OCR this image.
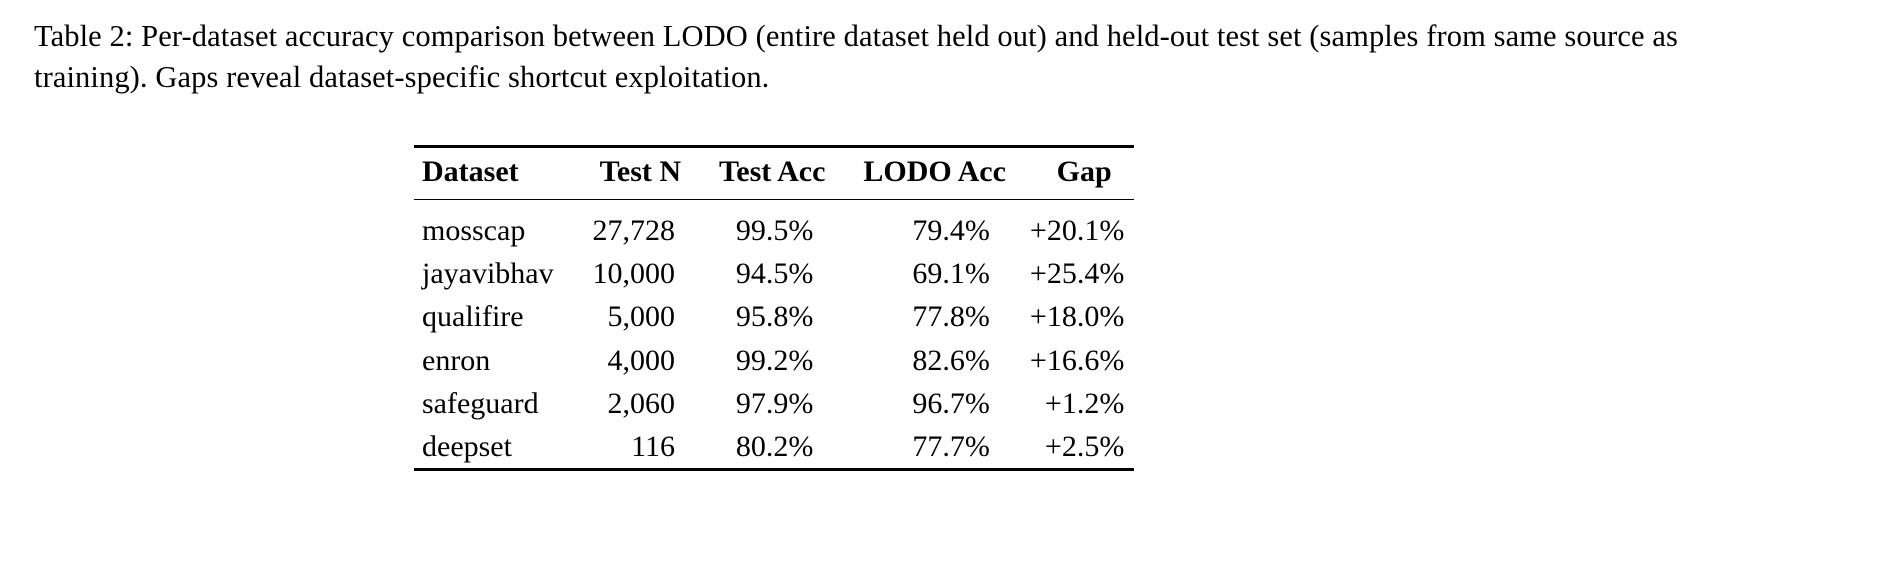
Table 2: Per-dataset accuracy comparison between LODO (entire dataset held out) and held-out test set (samples from same source as training). Gaps reveal dataset-specific shortcut exploitation.

Dataset	Test N	Test Acc	LODO Acc	Gap
mosscap	27,728	99.5%	79.4%	+20.1%
jayavibhav	10,000	94.5%	69.1%	+25.4%
qualifire	5,000	95.8%	77.8%	+18.0%
enron	4,000	99.2%	82.6%	+16.6%
safeguard	2,060	97.9%	96.7%	+1.2%
deepset	116	80.2%	77.7%	+2.5%
